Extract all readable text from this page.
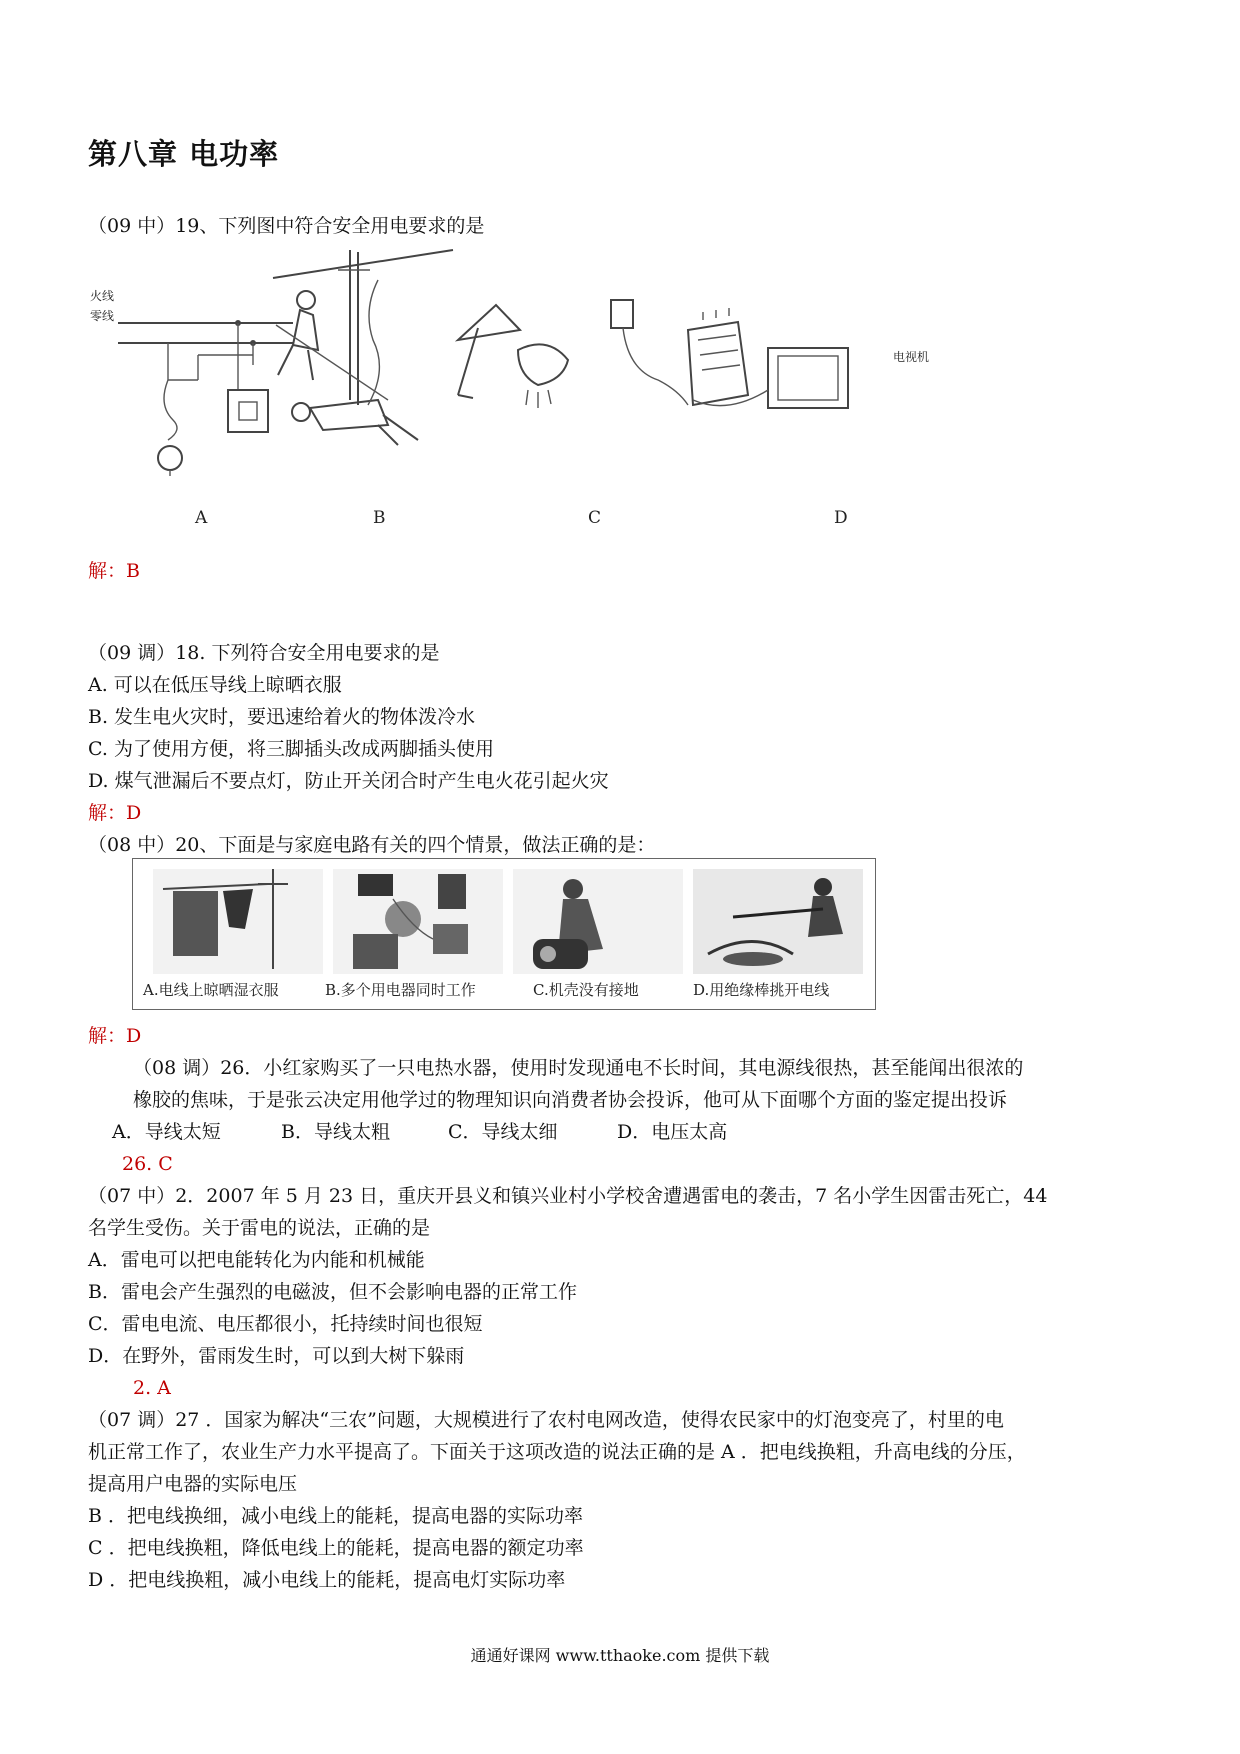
第八章 电功率
（09 中）19、下列图中符合安全用电要求的是
火线
零线
电视机
A	B	C	D
解：B
（09 调）18. 下列符合安全用电要求的是
A. 可以在低压导线上晾晒衣服
B. 发生电火灾时，要迅速给着火的物体泼冷水
C. 为了使用方便，将三脚插头改成两脚插头使用
D. 煤气泄漏后不要点灯，防止开关闭合时产生电火花引起火灾
解：D
（08 中）20、下面是与家庭电路有关的四个情景，做法正确的是：
A.电线上晾晒湿衣服	B.多个用电器同时工作	C.机壳没有接地	D.用绝缘棒挑开电线
解：D
（08 调）26．小红家购买了一只电热水器，使用时发现通电不长时间，其电源线很热，甚至能闻出很浓的
橡胶的焦味，于是张云决定用他学过的物理知识向消费者协会投诉，他可从下面哪个方面的鉴定提出投诉
A．导线太短	B．导线太粗	C．导线太细	D．电压太高
26. C
（07 中）2．2007 年 5 月 23 日，重庆开县义和镇兴业村小学校舍遭遇雷电的袭击，7 名小学生因雷击死亡，44
名学生受伤。关于雷电的说法，正确的是
A．雷电可以把电能转化为内能和机械能
B．雷电会产生强烈的电磁波，但不会影响电器的正常工作
C．雷电电流、电压都很小，托持续时间也很短
D．在野外，雷雨发生时，可以到大树下躲雨
2. A
（07 调）27 ．国家为解决“三农”问题，大规模进行了农村电网改造，使得农民家中的灯泡变亮了，村里的电
机正常工作了，农业生产力水平提高了。下面关于这项改造的说法正确的是 A ．把电线换粗，升高电线的分压，
提高用户电器的实际电压
B ．把电线换细，减小电线上的能耗，提高电器的实际功率
C ．把电线换粗，降低电线上的能耗，提高电器的额定功率
D ．把电线换粗，减小电线上的能耗，提高电灯实际功率
通通好课网 www.tthaoke.com 提供下载
